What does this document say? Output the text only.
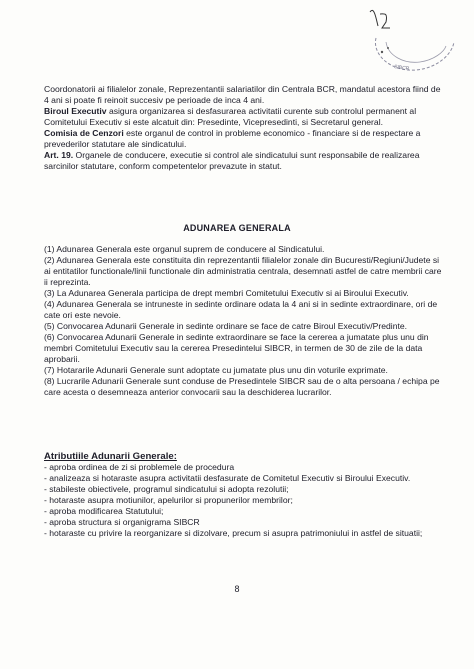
SIBCR

Coordonatorii ai filialelor zonale, Reprezentantii salariatilor din Centrala BCR, mandatul acestora fiind de 4 ani si poate fi reinoit succesiv pe perioade de inca 4 ani.

Biroul Executiv asigura organizarea si desfasurarea activitatii curente sub controlul permanent al Comitetului Executiv si este alcatuit din: Presedinte, Vicepresedinti, si Secretarul general.

Comisia de Cenzori este organul de control in probleme economico - financiare si de respectare a prevederilor statutare ale sindicatului.

Art. 19. Organele de conducere, executie si control ale sindicatului sunt responsabile de realizarea sarcinilor statutare, conform competentelor prevazute in statut.

ADUNAREA GENERALA

(1) Adunarea Generala este organul suprem de conducere al Sindicatului.

(2) Adunarea Generala este constituita din reprezentantii filialelor zonale din Bucuresti/Regiuni/Judete si ai entitatilor functionale/linii functionale din administratia centrala, desemnati astfel de catre membrii care ii reprezinta.

(3) La Adunarea Generala participa de drept membri Comitetului Executiv si ai Biroului Executiv.

(4) Adunarea Generala se intruneste in sedinte ordinare odata la 4 ani si in sedinte extraordinare, ori de cate ori este nevoie.

(5) Convocarea Adunarii Generale in sedinte ordinare se face de catre Biroul Executiv/Predinte.

(6) Convocarea Adunarii Generale in sedinte extraordinare se face la cererea a jumatate plus unu din membri Comitetului Executiv sau la cererea Presedintelui SIBCR, in termen de 30 de zile de la data aprobarii.

(7) Hotararile Adunarii Generale sunt adoptate cu jumatate plus unu din voturile exprimate.

(8) Lucrarile Adunarii Generale sunt conduse de Presedintele SIBCR sau de o alta persoana / echipa pe care acesta o desemneaza anterior convocarii sau la deschiderea lucrarilor.

Atributiile Adunarii Generale:

- aproba ordinea de zi si problemele de procedura

- analizeaza si hotaraste asupra activitatii desfasurate de Comitetul Executiv si Biroului Executiv.

- stabileste obiectivele, programul sindicatului si adopta rezolutii;

- hotaraste asupra motiunilor, apelurilor si propunerilor membrilor;

- aproba modificarea Statutului;

- aproba structura si organigrama SIBCR

- hotaraste cu privire la reorganizare si dizolvare, precum si asupra patrimoniului in astfel de situatii;

8
